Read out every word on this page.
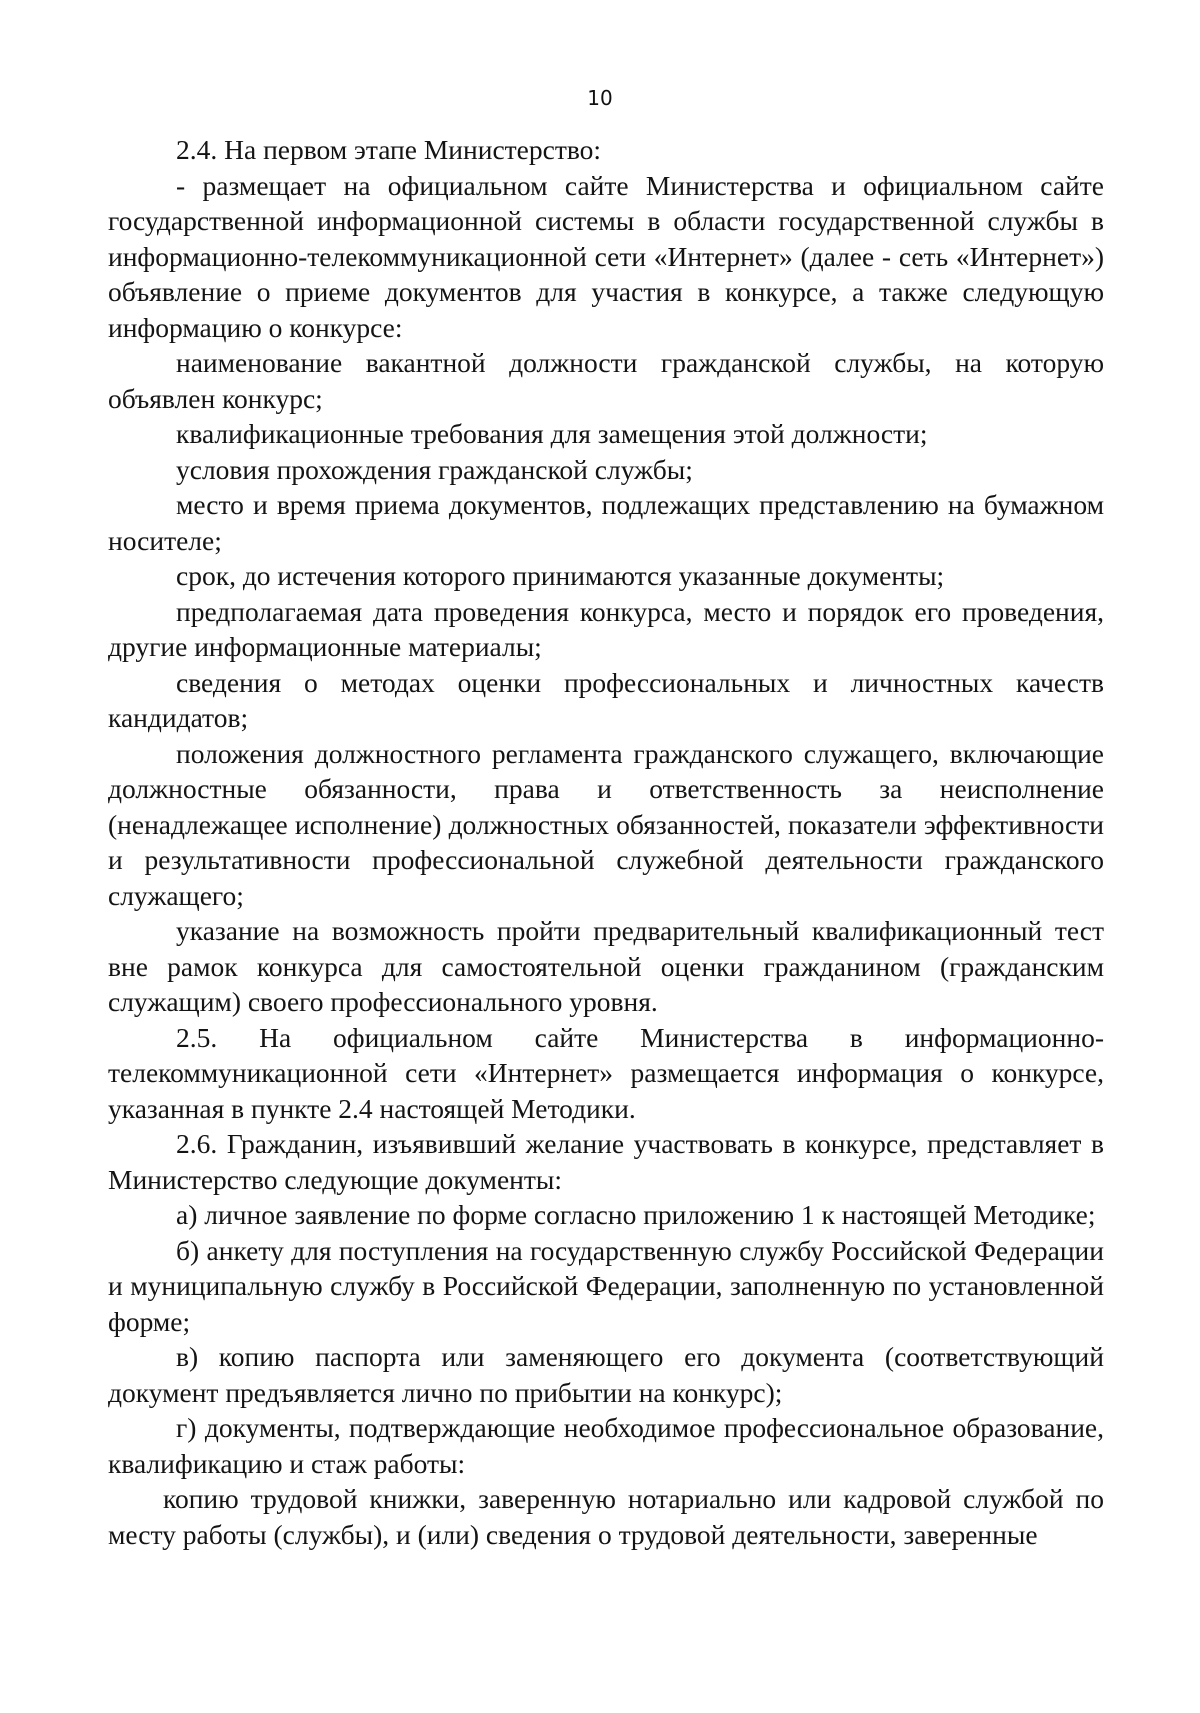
10

2.4. На первом этапе Министерство:

- размещает на официальном сайте Министерства и официальном сайте государственной информационной системы в области государственной службы в информационно-телекоммуникационной сети «Интернет» (далее - сеть «Интернет») объявление о приеме документов для участия в конкурсе, а также следующую информацию о конкурсе:

наименование вакантной должности гражданской службы, на которую объявлен конкурс;

квалификационные требования для замещения этой должности;

условия прохождения гражданской службы;

место и время приема документов, подлежащих представлению на бумажном носителе;

срок, до истечения которого принимаются указанные документы;

предполагаемая дата проведения конкурса, место и порядок его проведения, другие информационные материалы;

сведения о методах оценки профессиональных и личностных качеств кандидатов;

положения должностного регламента гражданского служащего, включающие должностные обязанности, права и ответственность за неисполнение (ненадлежащее исполнение) должностных обязанностей, показатели эффективности и результативности профессиональной служебной деятельности гражданского служащего;

указание на возможность пройти предварительный квалификационный тест вне рамок конкурса для самостоятельной оценки гражданином (гражданским служащим) своего профессионального уровня.

2.5. На официальном сайте Министерства в информационно-телекоммуникационной сети «Интернет» размещается информация о конкурсе, указанная в пункте 2.4 настоящей Методики.

2.6. Гражданин, изъявивший желание участвовать в конкурсе, представляет в Министерство следующие документы:

а) личное заявление по форме согласно приложению 1 к настоящей Методике;

б) анкету для поступления на государственную службу Российской Федерации и муниципальную службу в Российской Федерации, заполненную по установленной форме;

в) копию паспорта или заменяющего его документа (соответствующий документ предъявляется лично по прибытии на конкурс);

г) документы, подтверждающие необходимое профессиональное образование, квалификацию и стаж работы:

копию трудовой книжки, заверенную нотариально или кадровой службой по месту работы (службы), и (или) сведения о трудовой деятельности, заверенные
